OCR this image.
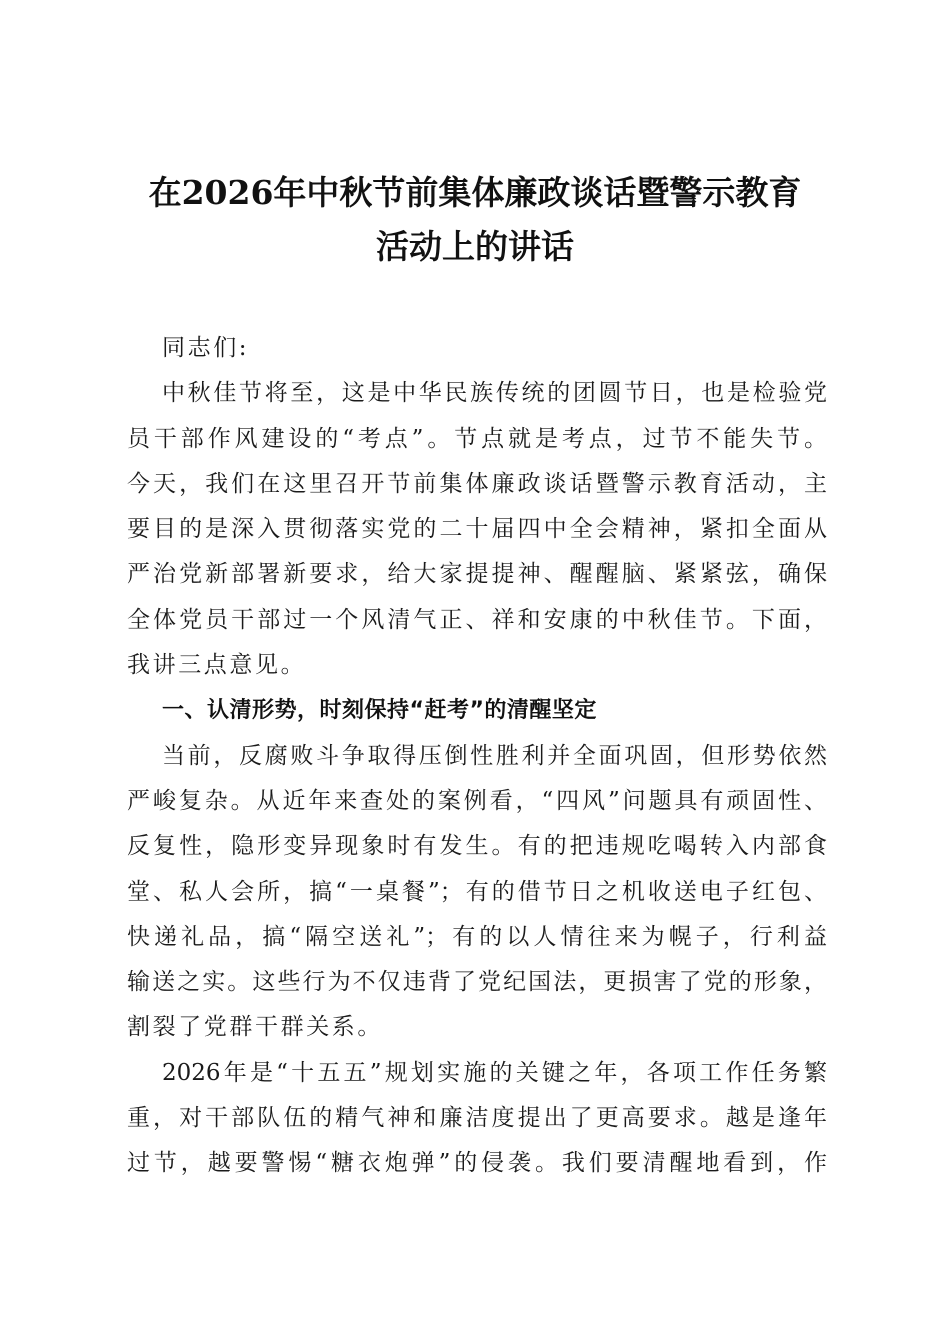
在2026年中秋节前集体廉政谈话暨警示教育
活动上的讲话
同志们:
中秋佳节将至，这是中华民族传统的团圆节日，也是检验党
员干部作风建设的“考点”。节点就是考点，过节不能失节。
今天，我们在这里召开节前集体廉政谈话暨警示教育活动，主
要目的是深入贯彻落实党的二十届四中全会精神，紧扣全面从
严治党新部署新要求，给大家提提神、醒醒脑、紧紧弦，确保
全体党员干部过一个风清气正、祥和安康的中秋佳节。下面，
我讲三点意见。
一、认清形势，时刻保持“赶考”的清醒坚定
当前，反腐败斗争取得压倒性胜利并全面巩固，但形势依然
严峻复杂。从近年来查处的案例看，“四风”问题具有顽固性、
反复性，隐形变异现象时有发生。有的把违规吃喝转入内部食
堂、私人会所，搞“一桌餐”；有的借节日之机收送电子红包、
快递礼品，搞“隔空送礼”；有的以人情往来为幌子，行利益
输送之实。这些行为不仅违背了党纪国法，更损害了党的形象，
割裂了党群干群关系。
2026年是“十五五”规划实施的关键之年，各项工作任务繁
重，对干部队伍的精气神和廉洁度提出了更高要求。越是逢年
过节，越要警惕“糖衣炮弹”的侵袭。我们要清醒地看到，作
